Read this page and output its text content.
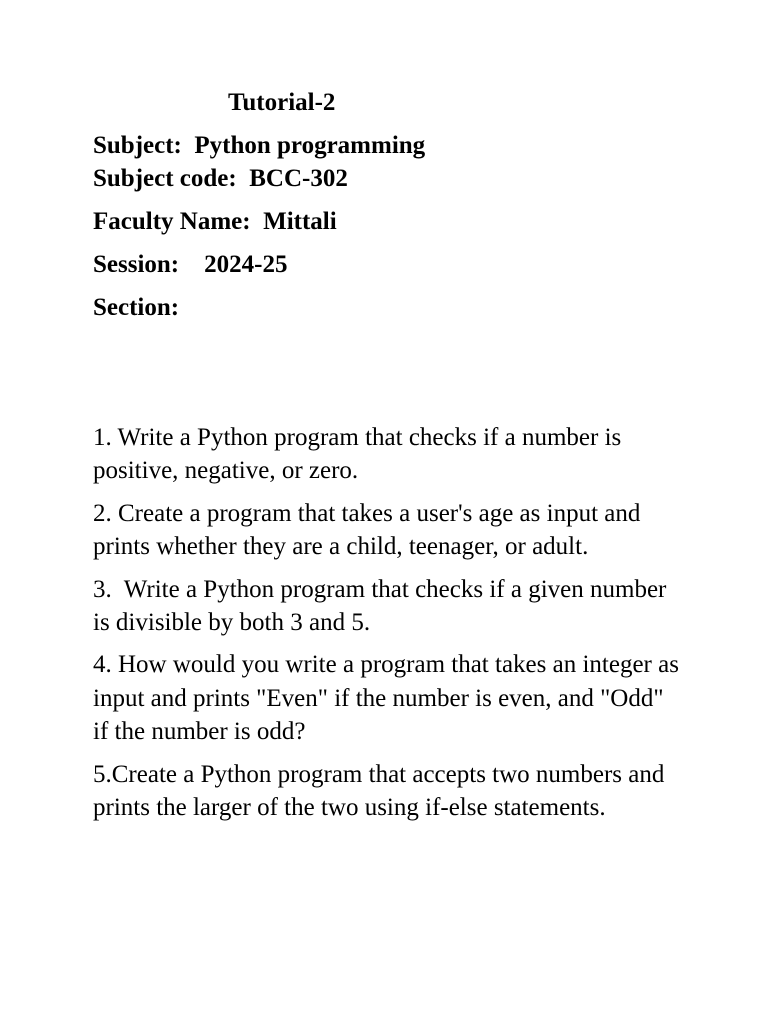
Tutorial-2
Subject:  Python programming
Subject code:  BCC-302
Faculty Name:  Mittali
Session:    2024-25
Section:

1. Write a Python program that checks if a number is positive, negative, or zero.

2. Create a program that takes a user's age as input and prints whether they are a child, teenager, or adult.

3.  Write a Python program that checks if a given number is divisible by both 3 and 5.

4. How would you write a program that takes an integer as input and prints "Even" if the number is even, and "Odd" if the number is odd?

5.Create a Python program that accepts two numbers and prints the larger of the two using if-else statements.
